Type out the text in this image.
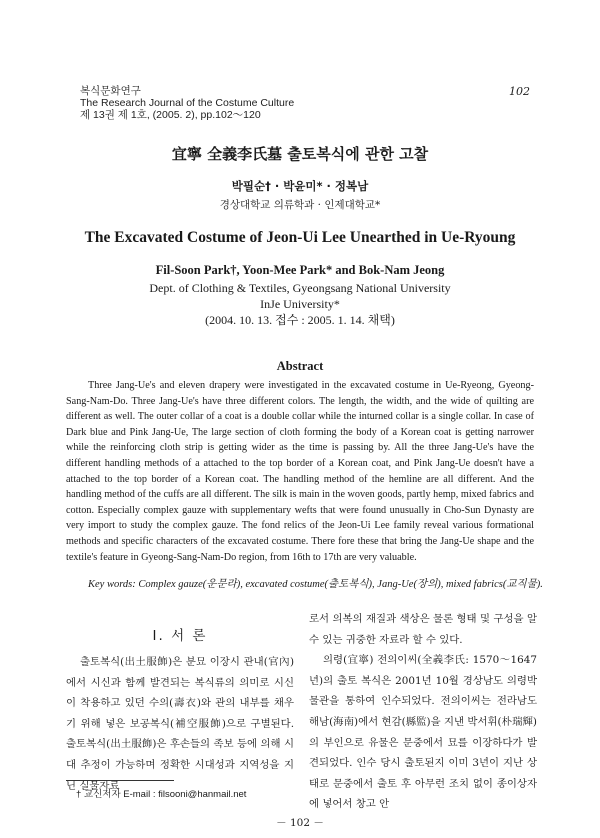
복식문화연구
The Research Journal of the Costume Culture
제 13권 제 1호, (2005. 2), pp.102～120
102
宜寧 全義李氏墓 출토복식에 관한 고찰
박필순† · 박윤미* · 정복남
경상대학교 의류학과 · 인제대학교*
The Excavated Costume of Jeon-Ui Lee Unearthed in Ue-Ryoung
Fil-Soon Park†, Yoon-Mee Park* and Bok-Nam Jeong
Dept. of Clothing & Textiles, Gyeongsang National University
InJe University*
(2004. 10. 13. 접수 : 2005. 1. 14. 채택)
Abstract
Three Jang-Ue's and eleven drapery were investigated in the excavated costume in Ue-Ryeong, Gyeong-Sang-Nam-Do. Three Jang-Ue's have three different colors. The length, the width, and the wide of quilting are different as well. The outer collar of a coat is a double collar while the inturned collar is a single collar. In case of Dark blue and Pink Jang-Ue, The large section of cloth forming the body of a Korean coat is getting narrower while the reinforcing cloth strip is getting wider as the time is passing by. All the three Jang-Ue's have the different handling methods of a attached to the top border of a Korean coat, and Pink Jang-Ue doesn't have a attached to the top border of a Korean coat. The handling method of the hemline are all different. And the handling method of the cuffs are all different. The silk is main in the woven goods, partly hemp, mixed fabrics and cotton. Especially complex gauze with supplementary wefts that were found unusually in Cho-Sun Dynasty are very import to study the complex gauze. The fond relics of the Jeon-Ui Lee family reveal various formational methods and specific characters of the excavated costume. There fore these that bring the Jang-Ue shape and the textile's feature in Gyeong-Sang-Nam-Do region, from 16th to 17th are very valuable.
Key words: Complex gauze(운문라), excavated costume(출토복식), Jang-Ue(장의), mixed fabrics(교직물).
I. 서 론
출토복식(出土服飾)은 분묘 이장시 관내(官內)에서 시신과 함께 발견되는 복식류의 의미로 시신이 착용하고 있던 수의(壽衣)와 관의 내부를 채우기 위해 넣은 보공복식(補空服飾)으로 구별된다. 출토복식(出土服飾)은 후손들의 족보 등에 의해 시대 추정이 가능하며 정확한 시대성과 지역성을 지닌 실물자료

로서 의복의 재질과 색상은 물론 형태 및 구성을 알 수 있는 귀중한 자료라 할 수 있다.

의령(宜寧) 전의이씨(全義李氏: 1570～1647년)의 출토 복식은 2001년 10월 경상남도 의령박물관을 통하여 인수되었다. 전의이씨는 전라남도 해남(海南)에서 현감(縣監)을 지낸 박서휘(朴瑞輝)의 부인으로 유물은 문중에서 묘를 이장하다가 발견되었다. 인수 당시 출토된지 이미 3년이 지난 상태로 문중에서 출토 후 아무런 조치 없이 종이상자에 넣어서 창고 안

† 교신저자 E-mail : filsooni@hanmail.net
－ 102 －
